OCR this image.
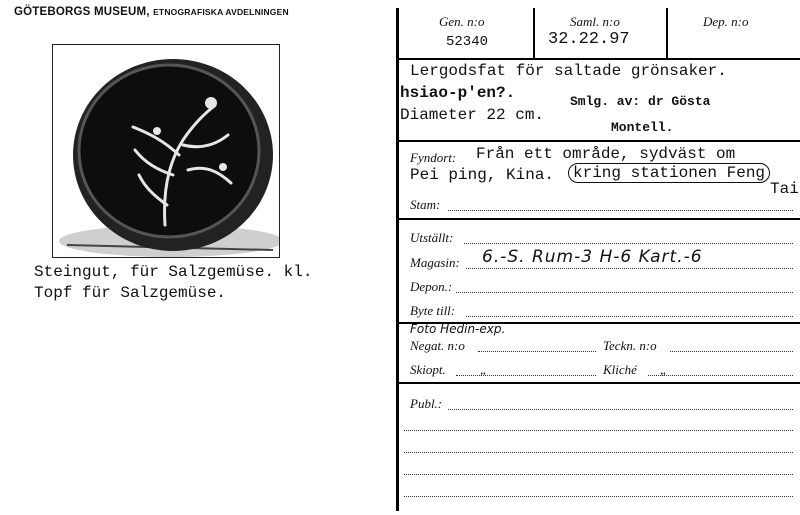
GÖTEBORGS MUSEUM, ETNOGRAFISKA AVDELNINGEN
Steingut, für Salzgemüse. kl.
Topf für Salzgemüse.
Gen. n:o
52340
Saml. n:o
32.22.97
Dep. n:o
Lergodsfat för saltade grönsaker.
hsiao-p'en?.	Smlg. av: dr Gösta
Diameter 22 cm.
Montell.
Fyndort: Från ett område, sydväst om
Pei ping, Kina.	kring stationen Feng
Tai
Stam:
Utställt:
Magasin: 6.-S. Rum-3 H-6 Kart.-6
Depon.:
Byte till:
Foto Hedin-exp.
Negat. n:o	Teckn. n:o
Skiopt.	„	Kliché „
Publ.:
